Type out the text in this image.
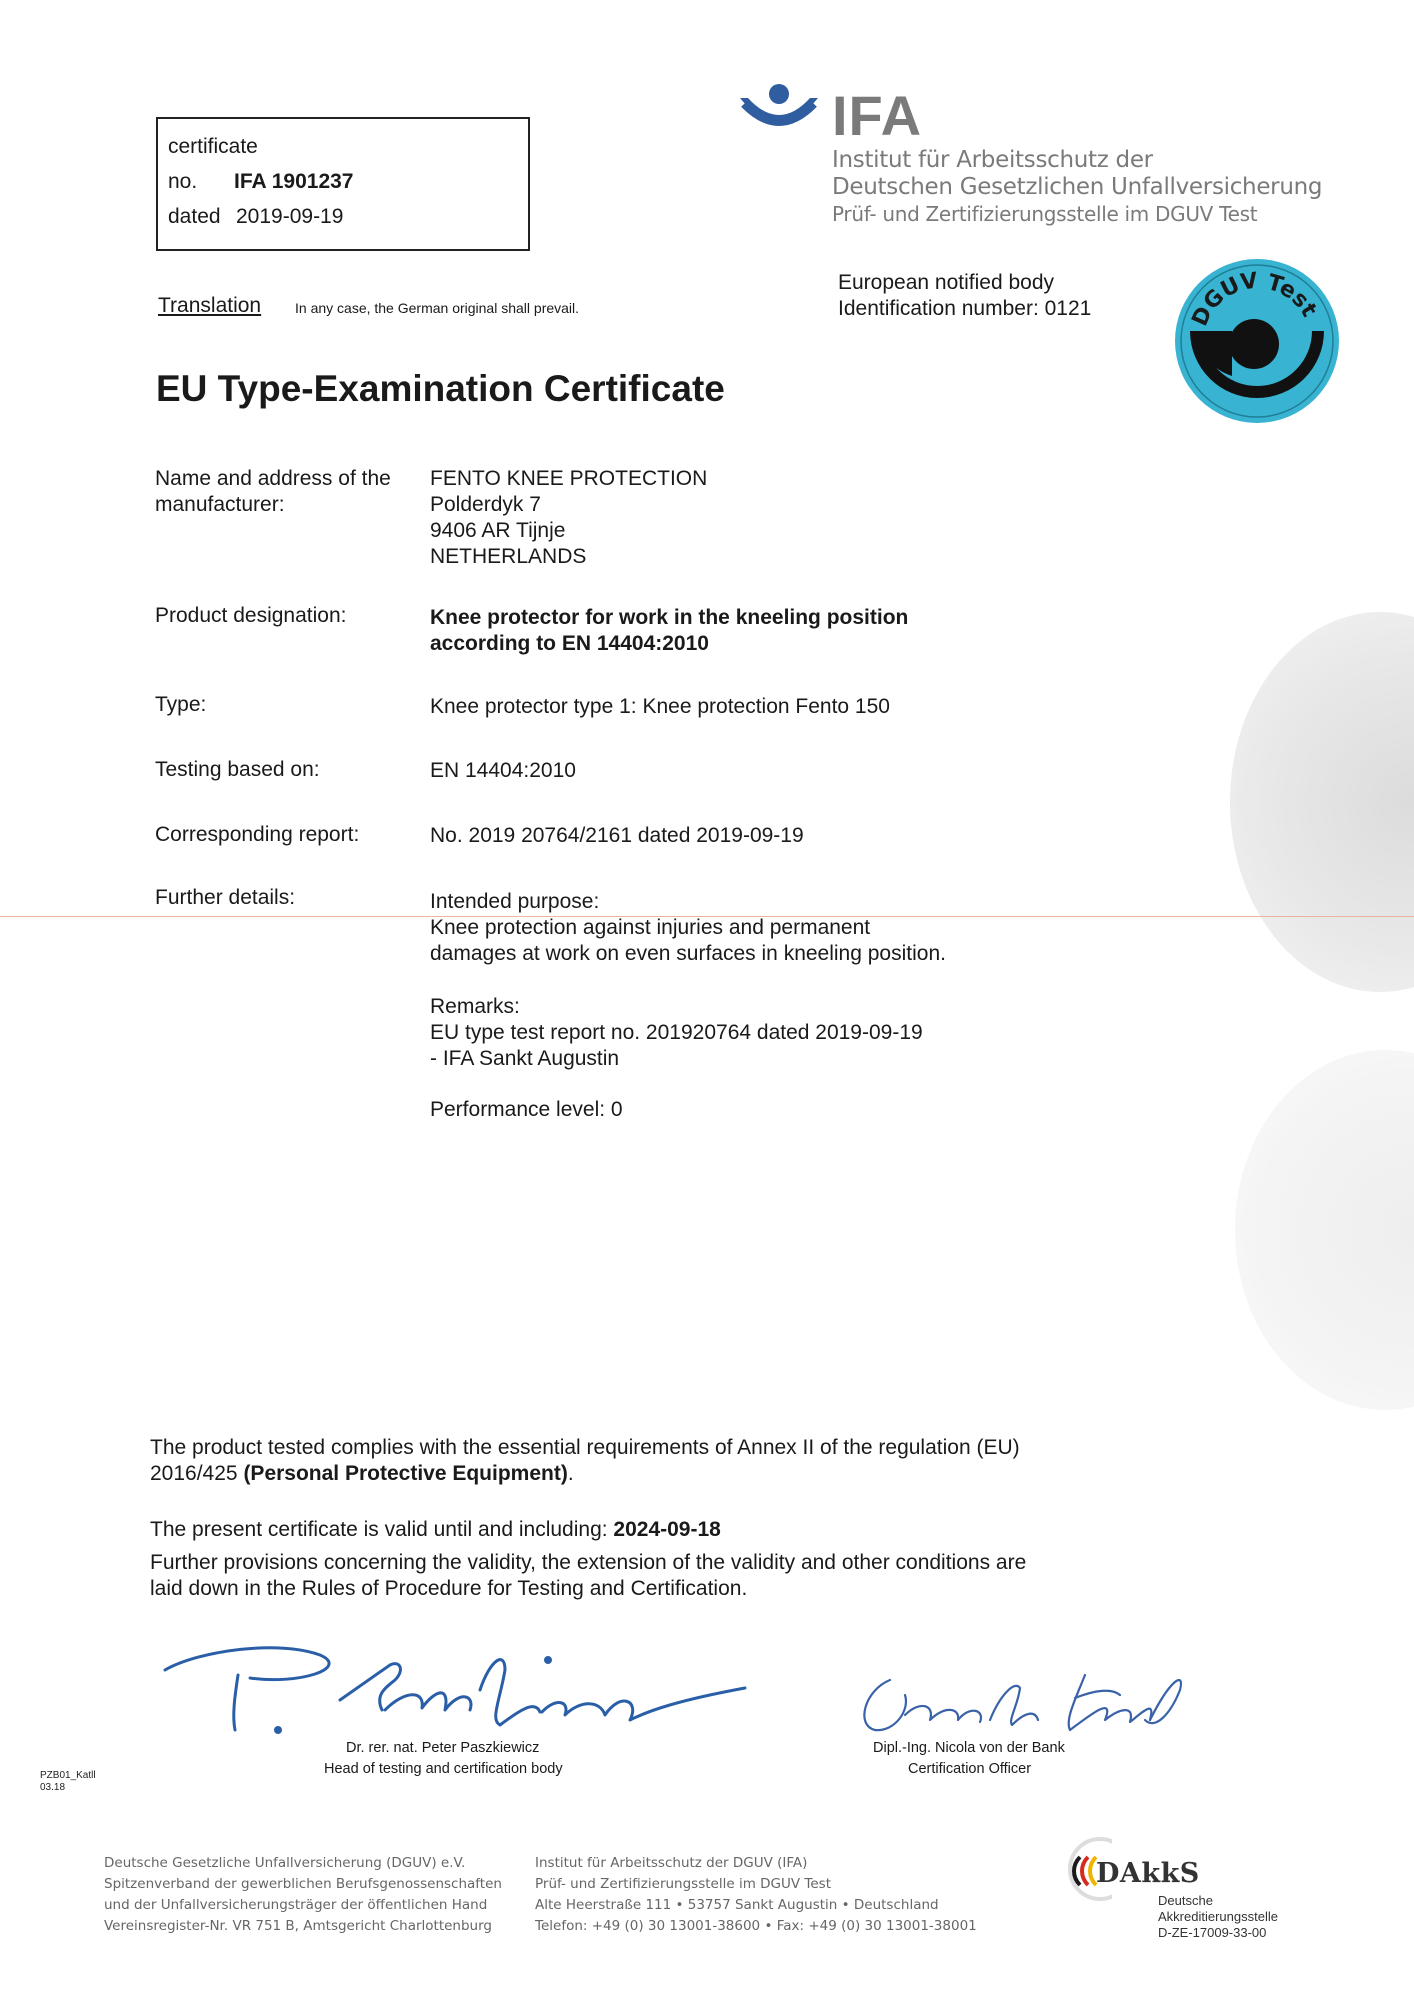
certificate
no. IFA 1901237
dated 2019-09-19
IFA
Institut für Arbeitsschutz der
Deutschen Gesetzlichen Unfallversicherung
Prüf- und Zertifizierungsstelle im DGUV Test
Translation In any case, the German original shall prevail.
European notified body
Identification number: 0121	DGUV Test
EU Type-Examination Certificate
Name and address of the
manufacturer:
FENTO KNEE PROTECTION
Polderdyk 7
9406 AR Tijnje
NETHERLANDS
Product designation:	Knee protector for work in the kneeling position
according to EN 14404:2010
Type:	Knee protector type 1: Knee protection Fento 150
Testing based on:	EN 14404:2010
Corresponding report:	No. 2019 20764/2161 dated 2019-09-19
Further details:	Intended purpose:
Knee protection against injuries and permanent
damages at work on even surfaces in kneeling position.
Remarks:
EU type test report no. 201920764 dated 2019-09-19
- IFA Sankt Augustin
Performance level: 0
The product tested complies with the essential requirements of Annex II of the regulation (EU)
2016/425 (Personal Protective Equipment).
The present certificate is valid until and including: 2024-09-18
Further provisions concerning the validity, the extension of the validity and other conditions are
laid down in the Rules of Procedure for Testing and Certification.
Dr. rer. nat. Peter Paszkiewicz
Head of testing and certification body
Dipl.-Ing. Nicola von der Bank
Certification Officer
PZB01_Katll
03.18
Deutsche Gesetzliche Unfallversicherung (DGUV) e.V.
Spitzenverband der gewerblichen Berufsgenossenschaften
und der Unfallversicherungsträger der öffentlichen Hand
Vereinsregister-Nr. VR 751 B, Amtsgericht Charlottenburg
Institut für Arbeitsschutz der DGUV (IFA)
Prüf- und Zertifizierungsstelle im DGUV Test
Alte Heerstraße 111 • 53757 Sankt Augustin • Deutschland
Telefon: +49 (0) 30 13001-38600 • Fax: +49 (0) 30 13001-38001
DAkkS
Deutsche
Akkreditierungsstelle
D-ZE-17009-33-00
